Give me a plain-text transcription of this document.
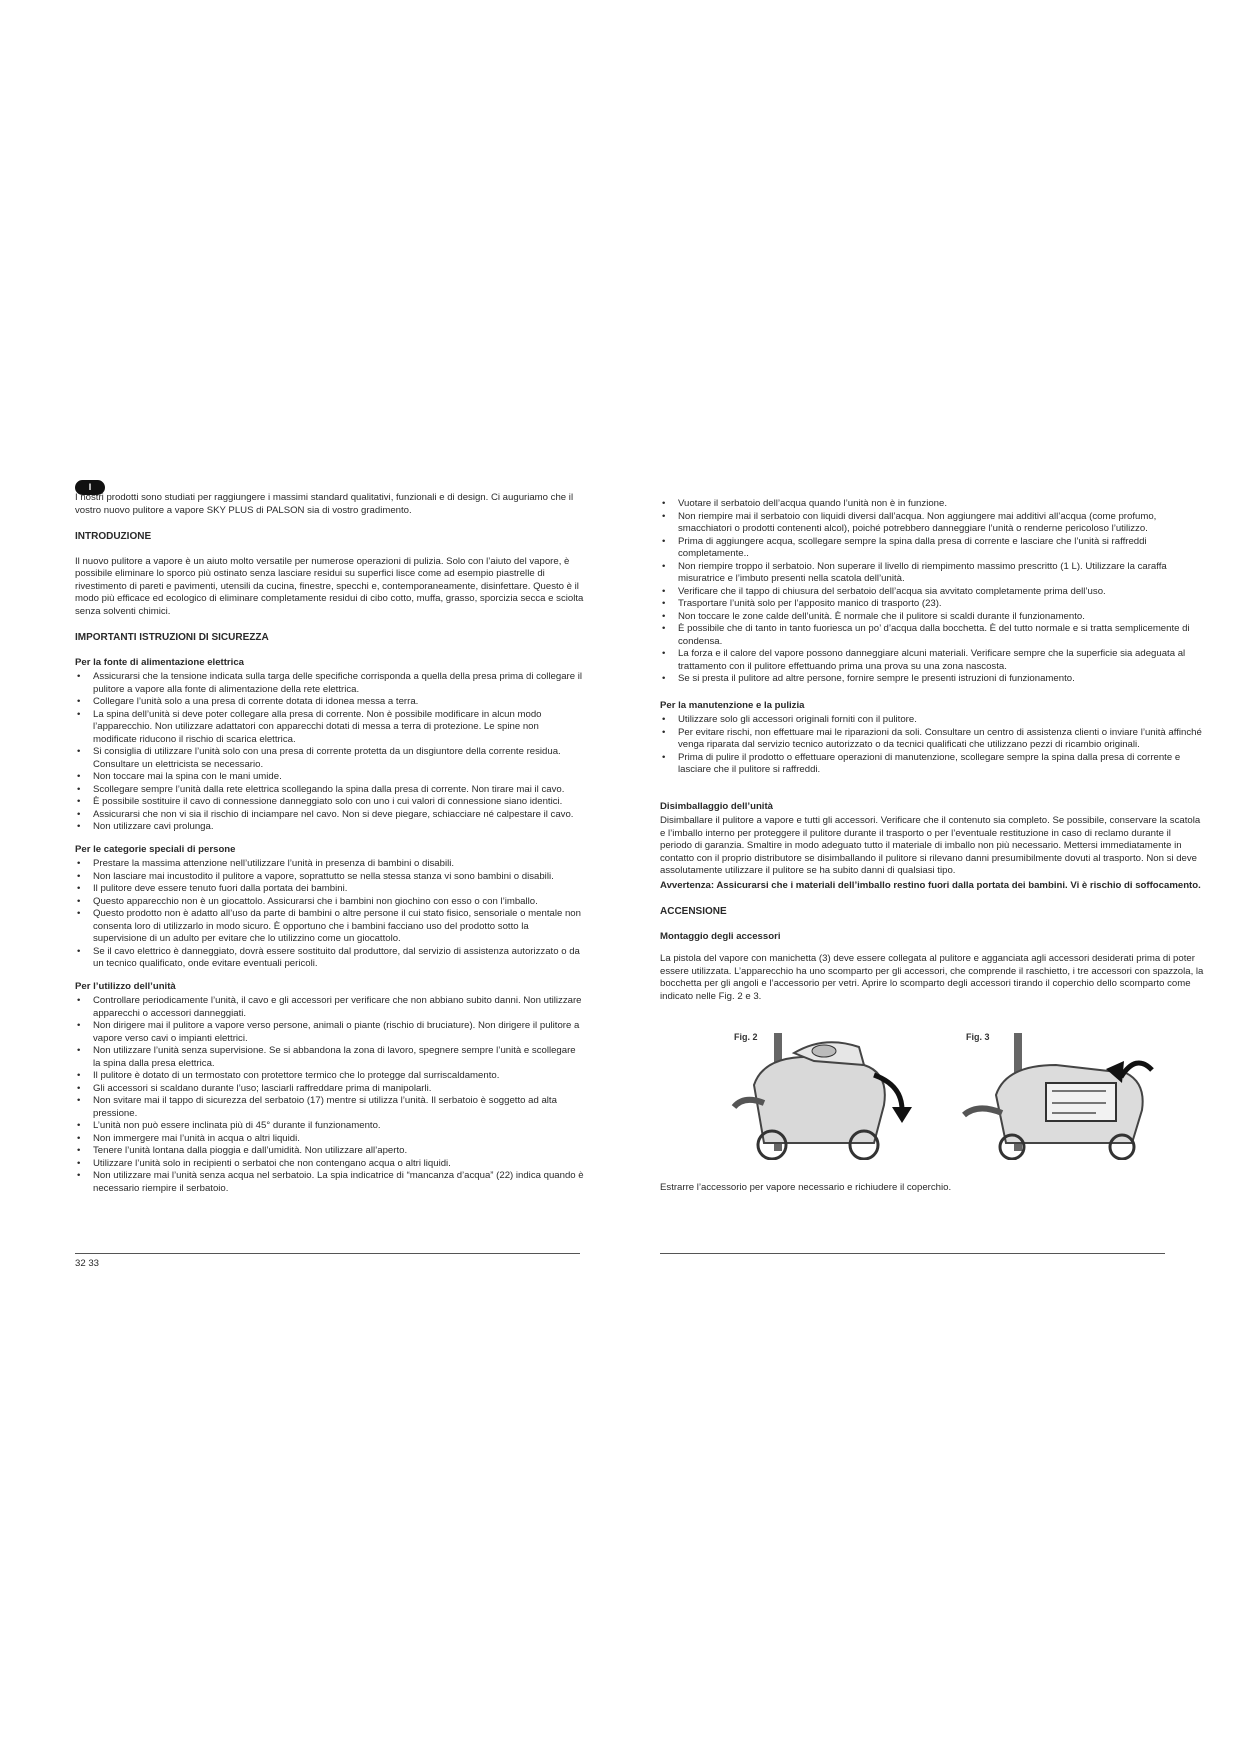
I

I nostri prodotti sono studiati per raggiungere i massimi standard qualitativi, funzionali e di design. Ci auguriamo che il vostro nuovo pulitore a vapore SKY PLUS di PALSON sia di vostro gradimento.

INTRODUZIONE

Il nuovo pulitore a vapore è un aiuto molto versatile per numerose operazioni di pulizia. Solo con l’aiuto del vapore, è possibile eliminare lo sporco più ostinato senza lasciare residui su superfici lisce come ad esempio piastrelle di rivestimento di pareti e pavimenti, utensili da cucina, finestre, specchi e, contemporaneamente, disinfettare. Questo è il modo più efficace ed ecologico di eliminare completamente residui di cibo cotto, muffa, grasso, sporcizia secca e sciolta senza solventi chimici.

IMPORTANTI ISTRUZIONI DI SICUREZZA
Per la fonte di alimentazione elettrica
• Assicurarsi che la tensione indicata sulla targa delle specifiche corrisponda a quella della presa prima di collegare il pulitore a vapore alla fonte di alimentazione della rete elettrica.
• Collegare l’unità solo a una presa di corrente dotata di idonea messa a terra.
• La spina dell’unità si deve poter collegare alla presa di corrente. Non è possibile modificare in alcun modo l’apparecchio. Non utilizzare adattatori con apparecchi dotati di messa a terra di protezione. Le spine non modificate riducono il rischio di scarica elettrica.
• Si consiglia di utilizzare l’unità solo con una presa di corrente protetta da un disgiuntore della corrente residua. Consultare un elettricista se necessario.
• Non toccare mai la spina con le mani umide.
• Scollegare sempre l’unità dalla rete elettrica scollegando la spina dalla presa di corrente. Non tirare mai il cavo.
• È possibile sostituire il cavo di connessione danneggiato solo con uno i cui valori di connessione siano identici.
• Assicurarsi che non vi sia il rischio di inciampare nel cavo. Non si deve piegare, schiacciare né calpestare il cavo.
• Non utilizzare cavi prolunga.
Per le categorie speciali di persone
• Prestare la massima attenzione nell’utilizzare l’unità in presenza di bambini o disabili.
• Non lasciare mai incustodito il pulitore a vapore, soprattutto se nella stessa stanza vi sono bambini o disabili.
• Il pulitore deve essere tenuto fuori dalla portata dei bambini.
• Questo apparecchio non è un giocattolo. Assicurarsi che i bambini non giochino con esso o con l’imballo.
• Questo prodotto non è adatto all’uso da parte di bambini o altre persone il cui stato fisico, sensoriale o mentale non consenta loro di utilizzarlo in modo sicuro. È opportuno che i bambini facciano uso del prodotto sotto la supervisione di un adulto per evitare che lo utilizzino come un giocattolo.
• Se il cavo elettrico è danneggiato, dovrà essere sostituito dal produttore, dal servizio di assistenza autorizzato o da un tecnico qualificato, onde evitare eventuali pericoli.
Per l’utilizzo dell’unità
• Controllare periodicamente l’unità, il cavo e gli accessori per verificare che non abbiano subito danni. Non utilizzare apparecchi o accessori danneggiati.
• Non dirigere mai il pulitore a vapore verso persone, animali o piante (rischio di bruciature). Non dirigere il pulitore a vapore verso cavi o impianti elettrici.
• Non utilizzare l’unità senza supervisione. Se si abbandona la zona di lavoro, spegnere sempre l’unità e scollegare la spina dalla presa elettrica.
• Il pulitore è dotato di un termostato con protettore termico che lo protegge dal surriscaldamento.
• Gli accessori si scaldano durante l’uso; lasciarli raffreddare prima di manipolarli.
• Non svitare mai il tappo di sicurezza del serbatoio (17) mentre si utilizza l’unità. Il serbatoio è soggetto ad alta pressione.
• L’unità non può essere inclinata più di 45° durante il funzionamento.
• Non immergere mai l’unità in acqua o altri liquidi.
• Tenere l’unità lontana dalla pioggia e dall’umidità. Non utilizzare all’aperto.
• Utilizzare l’unità solo in recipienti o serbatoi che non contengano acqua o altri liquidi.
• Non utilizzare mai l’unità senza acqua nel serbatoio. La spia indicatrice di “mancanza d’acqua” (22) indica quando è necessario riempire il serbatoio.
32 33
• Vuotare il serbatoio dell’acqua quando l’unità non è in funzione.
• Non riempire mai il serbatoio con liquidi diversi dall’acqua. Non aggiungere mai additivi all’acqua (come profumo, smacchiatori o prodotti contenenti alcol), poiché potrebbero danneggiare l’unità o renderne pericoloso l’utilizzo.
• Prima di aggiungere acqua, scollegare sempre la spina dalla presa di corrente e lasciare che l’unità si raffreddi completamente..
• Non riempire troppo il serbatoio. Non superare il livello di riempimento massimo prescritto (1 L). Utilizzare la caraffa misuratrice e l’imbuto presenti nella scatola dell’unità.
• Verificare che il tappo di chiusura del serbatoio dell’acqua sia avvitato completamente prima dell’uso.
• Trasportare l’unità solo per l’apposito manico di trasporto (23).
• Non toccare le zone calde dell’unità. È normale che il pulitore si scaldi durante il funzionamento.
• È possibile che di tanto in tanto fuoriesca un po’ d’acqua dalla bocchetta. È del tutto normale e si tratta semplicemente di condensa.
• La forza e il calore del vapore possono danneggiare alcuni materiali. Verificare sempre che la superficie sia adeguata al trattamento con il pulitore effettuando prima una prova su una zona nascosta.
• Se si presta il pulitore ad altre persone, fornire sempre le presenti istruzioni di funzionamento.
Per la manutenzione e la pulizia
• Utilizzare solo gli accessori originali forniti con il pulitore.
• Per evitare rischi, non effettuare mai le riparazioni da soli. Consultare un centro di assistenza clienti o inviare l’unità affinché venga riparata dal servizio tecnico autorizzato o da tecnici qualificati che utilizzano pezzi di ricambio originali.
• Prima di pulire il prodotto o effettuare operazioni di manutenzione, scollegare sempre la spina dalla presa di corrente e lasciare che il pulitore si raffreddi.
Disimballaggio dell’unità

Disimballare il pulitore a vapore e tutti gli accessori. Verificare che il contenuto sia completo. Se possibile, conservare la scatola e l’imballo interno per proteggere il pulitore durante il trasporto o per l’eventuale restituzione in caso di reclamo durante il periodo di garanzia. Smaltire in modo adeguato tutto il materiale di imballo non più necessario. Mettersi immediatamente in contatto con il proprio distributore se disimballando il pulitore si rilevano danni presumibilmente dovuti al trasporto. Non si deve assolutamente utilizzare il pulitore se ha subito danni di qualsiasi tipo.

Avvertenza: Assicurarsi che i materiali dell’imballo restino fuori dalla portata dei bambini. Vi è rischio di soffocamento.

ACCENSIONE
Montaggio degli accessori

La pistola del vapore con manichetta (3) deve essere collegata al pulitore e agganciata agli accessori desiderati prima di poter essere utilizzata. L’apparecchio ha uno scomparto per gli accessori, che comprende il raschietto, i tre accessori con spazzola, la bocchetta per gli angoli e l’accessorio per vetri. Aprire lo scomparto degli accessori tirando il coperchio dello scomparto come indicato nelle Fig. 2 e 3.

Fig. 2	Fig. 3

Estrarre l’accessorio per vapore necessario e richiudere il coperchio.
